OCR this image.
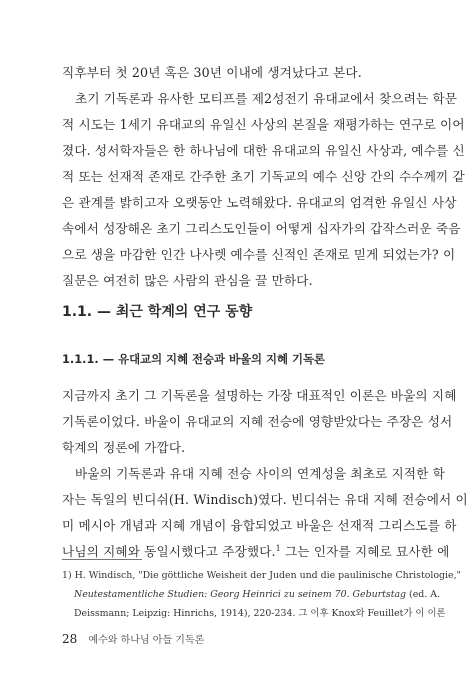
직후부터 첫 20년 혹은 30년 이내에 생겨났다고 본다.
초기 기독론과 유사한 모티프를 제2성전기 유대교에서 찾으려는 학문
적 시도는 1세기 유대교의 유일신 사상의 본질을 재평가하는 연구로 이어
졌다. 성서학자들은 한 하나님에 대한 유대교의 유일신 사상과, 예수를 신
적 또는 선재적 존재로 간주한 초기 기독교의 예수 신앙 간의 수수께끼 같
은 관계를 밝히고자 오랫동안 노력해왔다. 유대교의 엄격한 유일신 사상
속에서 성장해온 초기 그리스도인들이 어떻게 십자가의 갑작스러운 죽음
으로 생을 마감한 인간 나사렛 예수를 신적인 존재로 믿게 되었는가? 이
질문은 여전히 많은 사람의 관심을 끌 만하다.
1.1. — 최근 학계의 연구 동향
1.1.1. — 유대교의 지혜 전승과 바울의 지혜 기독론
지금까지 초기 그 기독론을 설명하는 가장 대표적인 이론은 바울의 지혜
기독론이었다. 바울이 유대교의 지혜 전승에 영향받았다는 주장은 성서
학계의 정론에 가깝다.
바울의 기독론과 유대 지혜 전승 사이의 연계성을 최초로 지적한 학
자는 독일의 빈디쉬(H. Windisch)였다. 빈디쉬는 유대 지혜 전승에서 이
미 메시아 개념과 지혜 개념이 융합되었고 바울은 선재적 그리스도를 하
나님의 지혜와 동일시했다고 주장했다.$^1$ 그는 인자를 지혜로 묘사한 에
1) H. Windisch, "Die göttliche Weisheit der Juden und die paulinische Christologie,"
Neutestamentliche Studien: Georg Heinrici zu seinem 70. Geburtstag (ed. A.
Deissmann; Leipzig: Hinrichs, 1914), 220-234. 그 이후 Knox와 Feuillet가 이 이론
28 예수와 하나님 아들 기독론
